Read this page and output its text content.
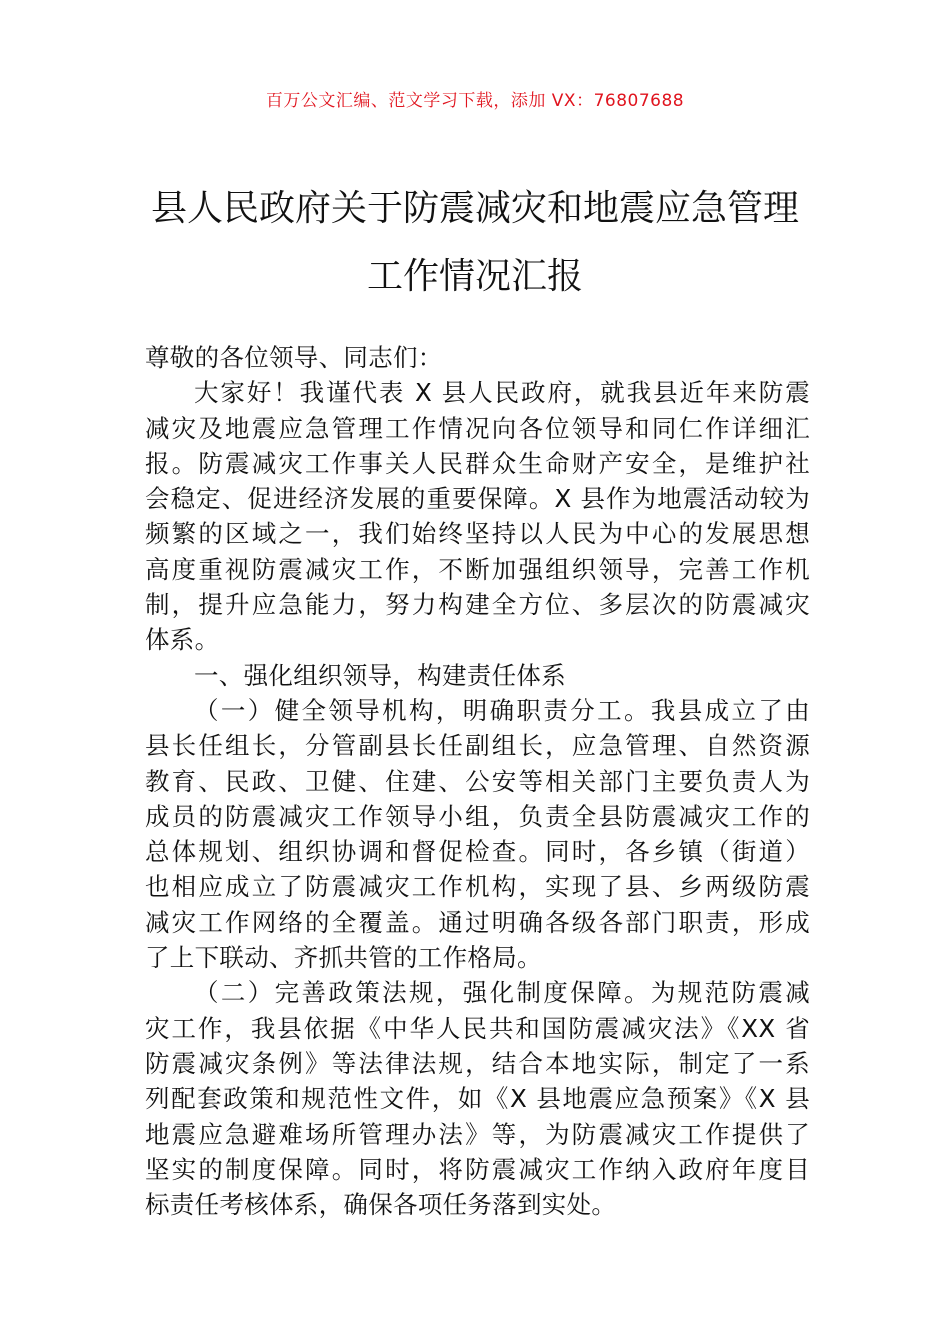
百万公文汇编、范文学习下载，添加 VX：76807688
县人民政府关于防震减灾和地震应急管理
工作情况汇报
尊敬的各位领导、同志们：
大家好！我谨代表 X 县人民政府，就我县近年来防震
减灾及地震应急管理工作情况向各位领导和同仁作详细汇
报。防震减灾工作事关人民群众生命财产安全，是维护社
会稳定、促进经济发展的重要保障。X 县作为地震活动较为
频繁的区域之一，我们始终坚持以人民为中心的发展思想
高度重视防震减灾工作，不断加强组织领导，完善工作机
制，提升应急能力，努力构建全方位、多层次的防震减灾
体系。
一、强化组织领导，构建责任体系
（一）健全领导机构，明确职责分工。我县成立了由
县长任组长，分管副县长任副组长，应急管理、自然资源
教育、民政、卫健、住建、公安等相关部门主要负责人为
成员的防震减灾工作领导小组，负责全县防震减灾工作的
总体规划、组织协调和督促检查。同时，各乡镇（街道）
也相应成立了防震减灾工作机构，实现了县、乡两级防震
减灾工作网络的全覆盖。通过明确各级各部门职责，形成
了上下联动、齐抓共管的工作格局。
（二）完善政策法规，强化制度保障。为规范防震减
灾工作，我县依据《中华人民共和国防震减灾法》《XX 省
防震减灾条例》等法律法规，结合本地实际，制定了一系
列配套政策和规范性文件，如《X 县地震应急预案》《X 县
地震应急避难场所管理办法》等，为防震减灾工作提供了
坚实的制度保障。同时，将防震减灾工作纳入政府年度目
标责任考核体系，确保各项任务落到实处。
